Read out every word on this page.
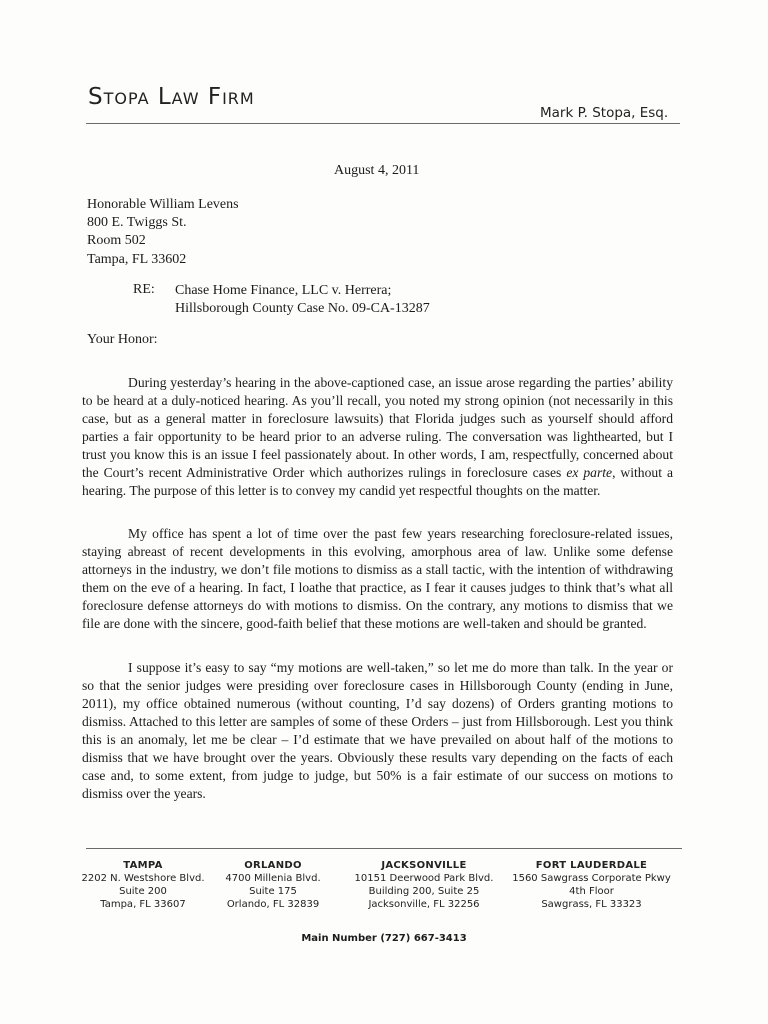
Stopa Law Firm
Mark P. Stopa, Esq.
August 4, 2011
Honorable William Levens
800 E. Twiggs St.
Room 502
Tampa, FL 33602
RE: Chase Home Finance, LLC v. Herrera;
Hillsborough County Case No. 09-CA-13287
Your Honor:

During yesterday’s hearing in the above-captioned case, an issue arose regarding the parties’ ability to be heard at a duly-noticed hearing. As you’ll recall, you noted my strong opinion (not necessarily in this case, but as a general matter in foreclosure lawsuits) that Florida judges such as yourself should afford parties a fair opportunity to be heard prior to an adverse ruling. The conversation was lighthearted, but I trust you know this is an issue I feel passionately about. In other words, I am, respectfully, concerned about the Court’s recent Administrative Order which authorizes rulings in foreclosure cases ex parte, without a hearing. The purpose of this letter is to convey my candid yet respectful thoughts on the matter.

My office has spent a lot of time over the past few years researching foreclosure-related issues, staying abreast of recent developments in this evolving, amorphous area of law. Unlike some defense attorneys in the industry, we don’t file motions to dismiss as a stall tactic, with the intention of withdrawing them on the eve of a hearing. In fact, I loathe that practice, as I fear it causes judges to think that’s what all foreclosure defense attorneys do with motions to dismiss. On the contrary, any motions to dismiss that we file are done with the sincere, good-faith belief that these motions are well-taken and should be granted.

I suppose it’s easy to say “my motions are well-taken,” so let me do more than talk. In the year or so that the senior judges were presiding over foreclosure cases in Hillsborough County (ending in June, 2011), my office obtained numerous (without counting, I’d say dozens) of Orders granting motions to dismiss. Attached to this letter are samples of some of these Orders – just from Hillsborough. Lest you think this is an anomaly, let me be clear – I’d estimate that we have prevailed on about half of the motions to dismiss that we have brought over the years. Obviously these results vary depending on the facts of each case and, to some extent, from judge to judge, but 50% is a fair estimate of our success on motions to dismiss over the years.

TAMPA
2202 N. Westshore Blvd.
Suite 200
Tampa, FL 33607
ORLANDO
4700 Millenia Blvd.
Suite 175
Orlando, FL 32839
JACKSONVILLE
10151 Deerwood Park Blvd.
Building 200, Suite 25
Jacksonville, FL 32256
FORT LAUDERDALE
1560 Sawgrass Corporate Pkwy
4th Floor
Sawgrass, FL 33323
Main Number (727) 667-3413
